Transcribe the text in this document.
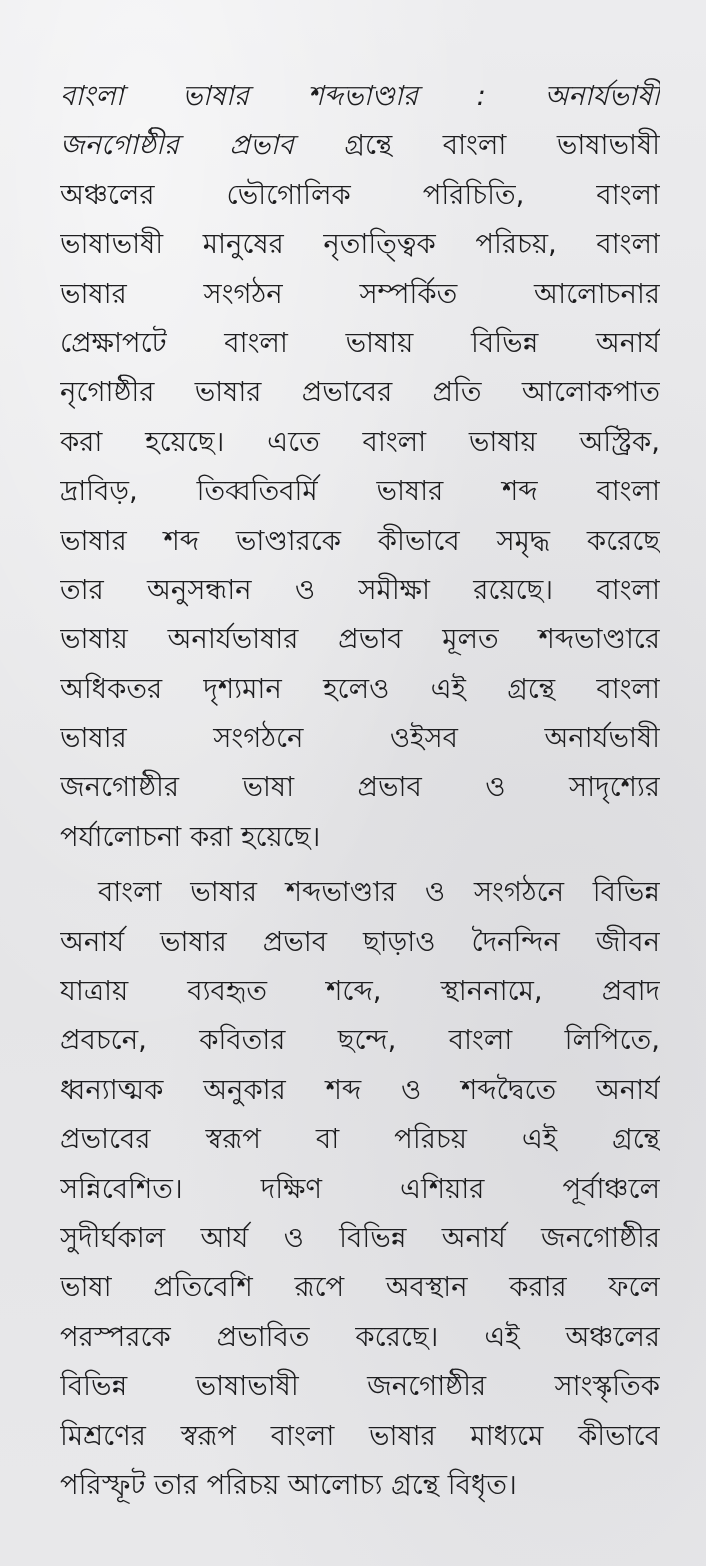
বাংলা ভাষার শব্দভাণ্ডার : অনার্যভাষী
জনগোষ্ঠীর প্রভাব গ্রন্থে বাংলা ভাষাভাষী
অঞ্চলের ভৌগোলিক পরিচিতি, বাংলা
ভাষাভাষী মানুষের নৃতাত্ত্বিক পরিচয়, বাংলা
ভাষার সংগঠন সম্পর্কিত আলোচনার
প্রেক্ষাপটে বাংলা ভাষায় বিভিন্ন অনার্য
নৃগোষ্ঠীর ভাষার প্রভাবের প্রতি আলোকপাত
করা হয়েছে। এতে বাংলা ভাষায় অস্ট্রিক,
দ্রাবিড়, তিব্বতিবর্মি ভাষার শব্দ বাংলা
ভাষার শব্দ ভাণ্ডারকে কীভাবে সমৃদ্ধ করেছে
তার অনুসন্ধান ও সমীক্ষা রয়েছে। বাংলা
ভাষায় অনার্যভাষার প্রভাব মূলত শব্দভাণ্ডারে
অধিকতর দৃশ্যমান হলেও এই গ্রন্থে বাংলা
ভাষার সংগঠনে ওইসব অনার্যভাষী
জনগোষ্ঠীর ভাষা প্রভাব ও সাদৃশ্যের
পর্যালোচনা করা হয়েছে।
বাংলা ভাষার শব্দভাণ্ডার ও সংগঠনে বিভিন্ন
অনার্য ভাষার প্রভাব ছাড়াও দৈনন্দিন জীবন
যাত্রায় ব্যবহৃত শব্দে, স্থাননামে, প্রবাদ
প্রবচনে, কবিতার ছন্দে, বাংলা লিপিতে,
ধ্বন্যাত্মক অনুকার শব্দ ও শব্দদ্বৈতে অনার্য
প্রভাবের স্বরূপ বা পরিচয় এই গ্রন্থে
সন্নিবেশিত। দক্ষিণ এশিয়ার পূর্বাঞ্চলে
সুদীর্ঘকাল আর্য ও বিভিন্ন অনার্য জনগোষ্ঠীর
ভাষা প্রতিবেশি রূপে অবস্থান করার ফলে
পরস্পরকে প্রভাবিত করেছে। এই অঞ্চলের
বিভিন্ন ভাষাভাষী জনগোষ্ঠীর সাংস্কৃতিক
মিশ্রণের স্বরূপ বাংলা ভাষার মাধ্যমে কীভাবে
পরিস্ফূট তার পরিচয় আলোচ্য গ্রন্থে বিধৃত।
